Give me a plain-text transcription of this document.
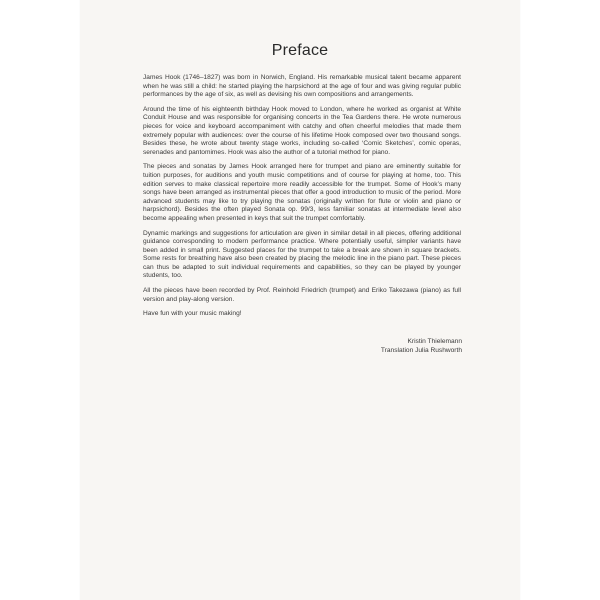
Preface

James Hook (1746–1827) was born in Norwich, England. His remarkable musical talent became apparent when he was still a child: he started playing the harpsichord at the age of four and was giving regular public performances by the age of six, as well as devising his own compositions and arrangements.

Around the time of his eighteenth birthday Hook moved to London, where he worked as organist at White Conduit House and was responsible for organising concerts in the Tea Gardens there. He wrote numerous pieces for voice and keyboard accompaniment with catchy and often cheerful melodies that made them extremely popular with audiences: over the course of his lifetime Hook composed over two thousand songs. Besides these, he wrote about twenty stage works, including so-called ‘Comic Sketches’, comic operas, serenades and pantomimes. Hook was also the author of a tutorial method for piano.

The pieces and sonatas by James Hook arranged here for trumpet and piano are eminently suitable for tuition purposes, for auditions and youth music competitions and of course for playing at home, too. This edition serves to make classical repertoire more readily accessible for the trumpet. Some of Hook’s many songs have been arranged as instrumental pieces that offer a good introduction to music of the period. More advanced students may like to try playing the sonatas (originally written for flute or violin and piano or harpsichord). Besides the often played Sonata op. 99/3, less familiar sonatas at intermediate level also become appealing when presented in keys that suit the trumpet comfortably.

Dynamic markings and suggestions for articulation are given in similar detail in all pieces, offering additional guidance corresponding to modern performance practice. Where potentially useful, simpler variants have been added in small print. Suggested places for the trumpet to take a break are shown in square brackets. Some rests for breathing have also been created by placing the melodic line in the piano part. These pieces can thus be adapted to suit individual requirements and capabilities, so they can be played by younger students, too.

All the pieces have been recorded by Prof. Reinhold Friedrich (trumpet) and Eriko Takezawa (piano) as full version and play-along version.

Have fun with your music making!

Kristin Thielemann
Translation Julia Rushworth
